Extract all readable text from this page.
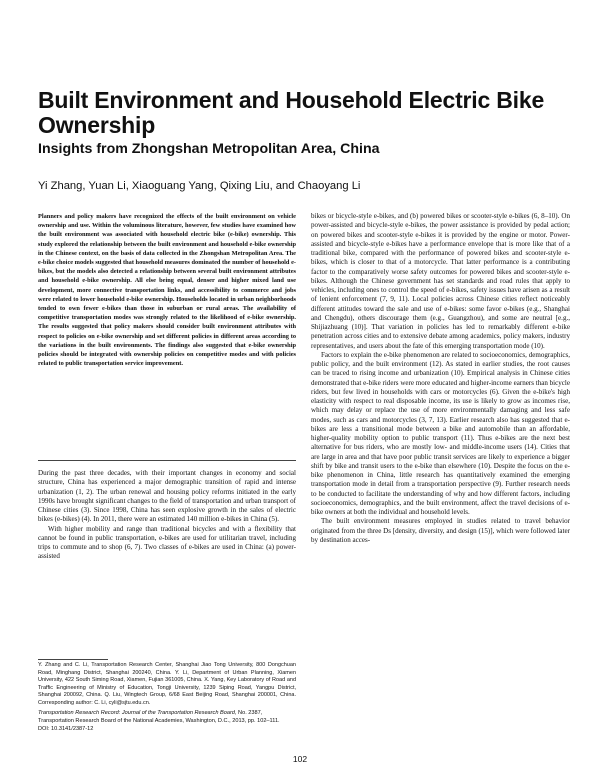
Built Environment and Household Electric Bike Ownership
Insights from Zhongshan Metropolitan Area, China

Yi Zhang, Yuan Li, Xiaoguang Yang, Qixing Liu, and Chaoyang Li

Planners and policy makers have recognized the effects of the built environment on vehicle ownership and use. Within the voluminous literature, however, few studies have examined how the built environment was associated with household electric bike (e-bike) ownership. This study explored the relationship between the built environment and household e-bike ownership in the Chinese context, on the basis of data collected in the Zhongshan Metropolitan Area. The e-bike choice models suggested that household measures dominated the number of household e-bikes, but the models also detected a relationship between several built environment attributes and household e-bike ownership. All else being equal, denser and higher mixed land use development, more connective transportation links, and accessibility to commerce and jobs were related to lower household e-bike ownership. Households located in urban neighborhoods tended to own fewer e-bikes than those in suburban or rural areas. The availability of competitive transportation modes was strongly related to the likelihood of e-bike ownership. The results suggested that policy makers should consider built environment attributes with respect to policies on e-bike ownership and set different policies in different areas according to the variations in the built environments. The findings also suggested that e-bike ownership policies should be integrated with ownership policies on competitive modes and with policies related to public transportation service improvement.

During the past three decades, with their important changes in economy and social structure, China has experienced a major demographic transition of rapid and intense urbanization (1, 2). The urban renewal and housing policy reforms initiated in the early 1990s have brought significant changes to the field of transportation and urban transport of Chinese cities (3). Since 1998, China has seen explosive growth in the sales of electric bikes (e-bikes) (4). In 2011, there were an estimated 140 million e-bikes in China (5).

With higher mobility and range than traditional bicycles and with a flexibility that cannot be found in public transportation, e-bikes are used for utilitarian travel, including trips to commute and to shop (6, 7). Two classes of e-bikes are used in China: (a) power-assisted

Y. Zhang and C. Li, Transportation Research Center, Shanghai Jiao Tong University, 800 Dongchuan Road, Minghang District, Shanghai 200240, China. Y. Li, Department of Urban Planning, Xiamen University, 422 South Siming Road, Xiamen, Fujian 361005, China. X. Yang, Key Laboratory of Road and Traffic Engineering of Ministry of Education, Tongji University, 1239 Siping Road, Yangpu District, Shanghai 200092, China. Q. Liu, Wingtech Group, 6/68 East Beijing Road, Shanghai 200001, China. Corresponding author: C. Li, cyli@sjtu.edu.cn.
Transportation Research Record: Journal of the Transportation Research Board, No. 2387, Transportation Research Board of the National Academies, Washington, D.C., 2013, pp. 102–111.
DOI: 10.3141/2387-12

bikes or bicycle-style e-bikes, and (b) powered bikes or scooter-style e-bikes (6, 8–10). On power-assisted and bicycle-style e-bikes, the power assistance is provided by pedal action; on powered bikes and scooter-style e-bikes it is provided by the engine or motor. Power-assisted and bicycle-style e-bikes have a performance envelope that is more like that of a traditional bike, compared with the performance of powered bikes and scooter-style e-bikes, which is closer to that of a motorcycle. That latter performance is a contributing factor to the comparatively worse safety outcomes for powered bikes and scooter-style e-bikes. Although the Chinese government has set standards and road rules that apply to vehicles, including ones to control the speed of e-bikes, safety issues have arisen as a result of lenient enforcement (7, 9, 11). Local policies across Chinese cities reflect noticeably different attitudes toward the sale and use of e-bikes: some favor e-bikes (e.g., Shanghai and Chengdu), others discourage them (e.g., Guangzhou), and some are neutral [e.g., Shijiazhuang (10)]. That variation in policies has led to remarkably different e-bike penetration across cities and to extensive debate among academics, policy makers, industry representatives, and users about the fate of this emerging transportation mode (10).

Factors to explain the e-bike phenomenon are related to socioeconomics, demographics, public policy, and the built environment (12). As stated in earlier studies, the root causes can be traced to rising income and urbanization (10). Empirical analysis in Chinese cities demonstrated that e-bike riders were more educated and higher-income earners than bicycle riders, but few lived in households with cars or motorcycles (6). Given the e-bike's high elasticity with respect to real disposable income, its use is likely to grow as incomes rise, which may delay or replace the use of more environmentally damaging and less safe modes, such as cars and motorcycles (3, 7, 13). Earlier research also has suggested that e-bikes are less a transitional mode between a bike and automobile than an affordable, higher-quality mobility option to public transport (11). Thus e-bikes are the next best alternative for bus riders, who are mostly low- and middle-income users (14). Cities that are large in area and that have poor public transit services are likely to experience a bigger shift by bike and transit users to the e-bike than elsewhere (10). Despite the focus on the e-bike phenomenon in China, little research has quantitatively examined the emerging transportation mode in detail from a transportation perspective (9). Further research needs to be conducted to facilitate the understanding of why and how different factors, including socioeconomics, demographics, and the built environment, affect the travel decisions of e-bike owners at both the individual and household levels.

The built environment measures employed in studies related to travel behavior originated from the three Ds [density, diversity, and design (15)], which were followed later by destination acces-

102
